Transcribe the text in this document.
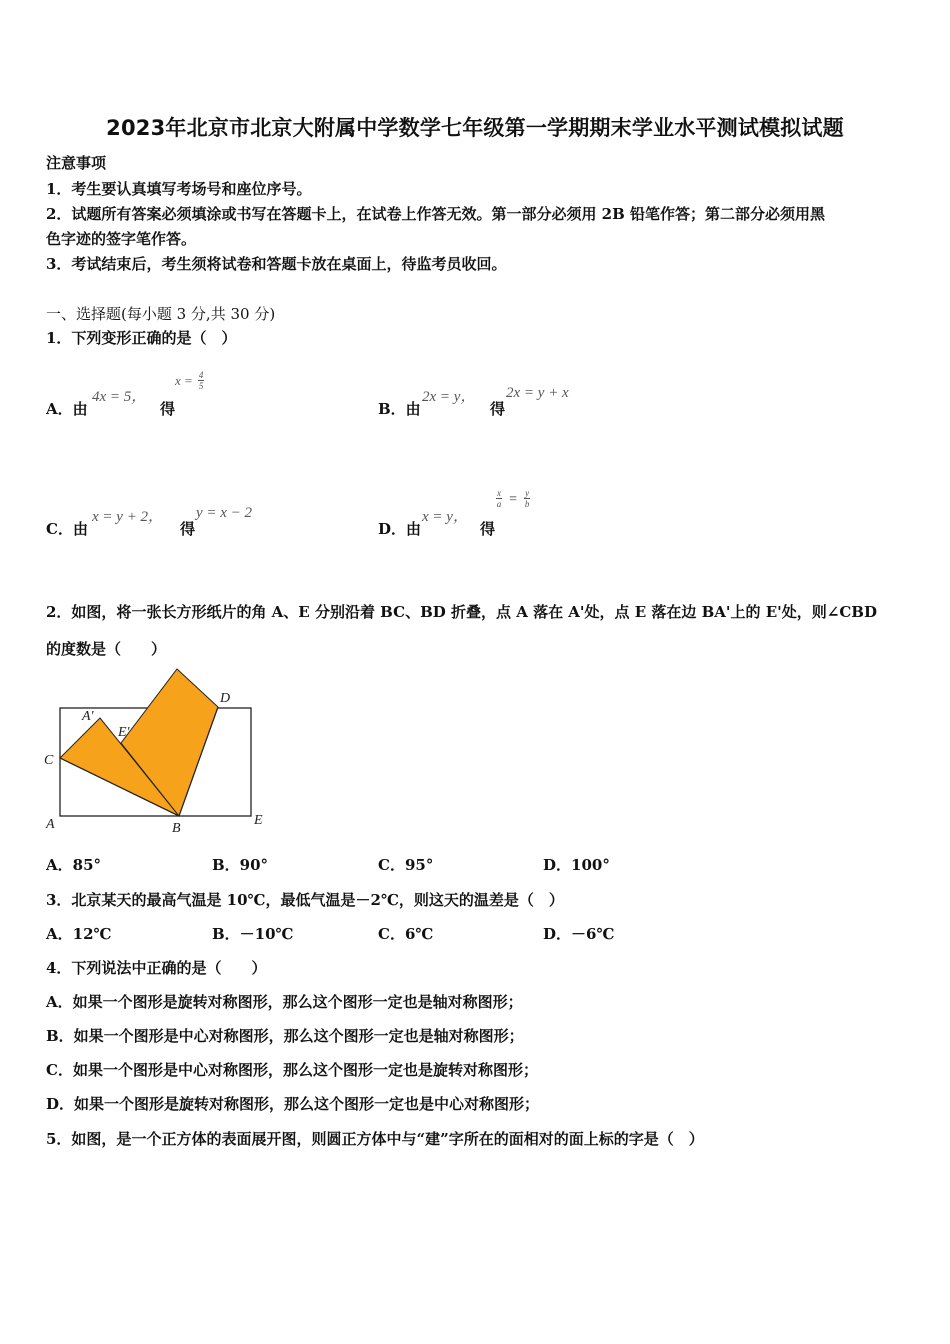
2023年北京市北京大附属中学数学七年级第一学期期末学业水平测试模拟试题
注意事项
1．考生要认真填写考场号和座位序号。
2．试题所有答案必须填涂或书写在答题卡上，在试卷上作答无效。第一部分必须用 2B 铅笔作答；第二部分必须用黑
色字迹的签字笔作答。
3．考试结束后，考生须将试卷和答题卡放在桌面上，待监考员收回。
一、选择题(每小题 3 分,共 30 分)
1．下列变形正确的是（　）
A．由
4x = 5，
得
$x = \frac{4}{5}$
B．由
2x = y，
得
2x = y + x
C．由
x = y + 2，
得
y = x − 2
D．由
x = y，
得
$\frac{x}{a} = \frac{y}{b}$
2．如图，将一张长方形纸片的角 A、E 分别沿着 BC、BD 折叠，点 A 落在 A'处，点 E 落在边 BA'上的 E'处，则∠CBD
的度数是（　　）
C
A	B
E
D
A'
E'
A．85°	B．90°	C．95°	D．100°
3．北京某天的最高气温是 10℃，最低气温是－2℃，则这天的温差是（　）
A．12℃	B．－10℃	C．6℃	D．－6℃
4．下列说法中正确的是（　　）
A．如果一个图形是旋转对称图形，那么这个图形一定也是轴对称图形；
B．如果一个图形是中心对称图形，那么这个图形一定也是轴对称图形；
C．如果一个图形是中心对称图形，那么这个图形一定也是旋转对称图形；
D．如果一个图形是旋转对称图形，那么这个图形一定也是中心对称图形；
5．如图，是一个正方体的表面展开图，则圆正方体中与“建”字所在的面相对的面上标的字是（　）
